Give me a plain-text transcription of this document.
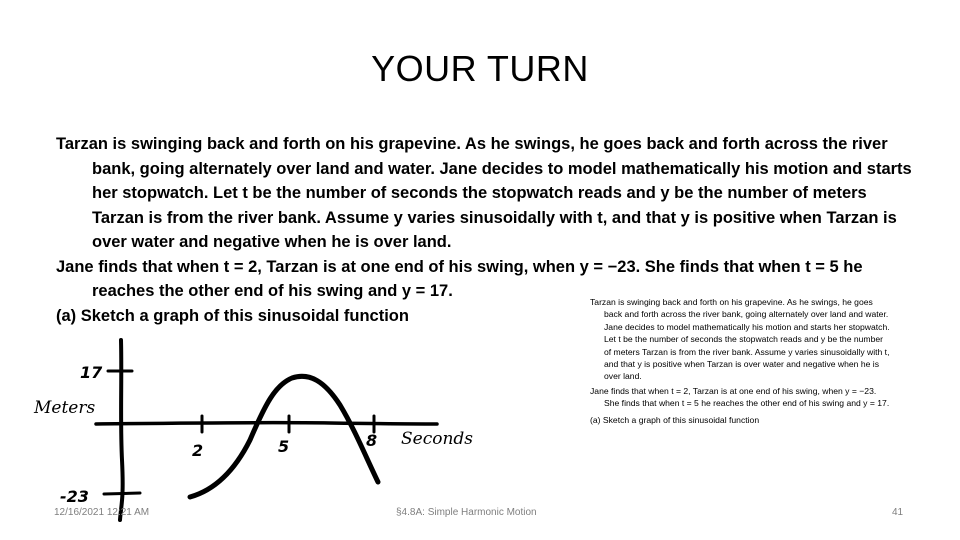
YOUR TURN

Tarzan is swinging back and forth on his grapevine. As he swings, he goes back and forth across the river bank, going alternately over land and water. Jane decides to model mathematically his motion and starts her stopwatch. Let t be the number of seconds the stopwatch reads and y be the number of meters Tarzan is from the river bank. Assume y varies sinusoidally with t, and that y is positive when Tarzan is over water and negative when he is over land.

Jane finds that when t = 2, Tarzan is at one end of his swing, when y = −23. She finds that when t = 5 he reaches the other end of his swing and y = 17.

(a) Sketch a graph of this sinusoidal function

Tarzan is swinging back and forth on his grapevine. As he swings, he goes back and forth across the river bank, going alternately over land and water. Jane decides to model mathematically his motion and starts her stopwatch. Let t be the number of seconds the stopwatch reads and y be the number of meters Tarzan is from the river bank. Assume y varies sinusoidally with t, and that y is positive when Tarzan is over water and negative when he is over land.

Jane finds that when t = 2, Tarzan is at one end of his swing, when y = −23. She finds that when t = 5 he reaches the other end of his swing and y = 17.

(a) Sketch a graph of this sinusoidal function

17
-23
2	5	8
Meters
Seconds
12/16/2021 12:21 AM	§4.8A: Simple Harmonic Motion	41
